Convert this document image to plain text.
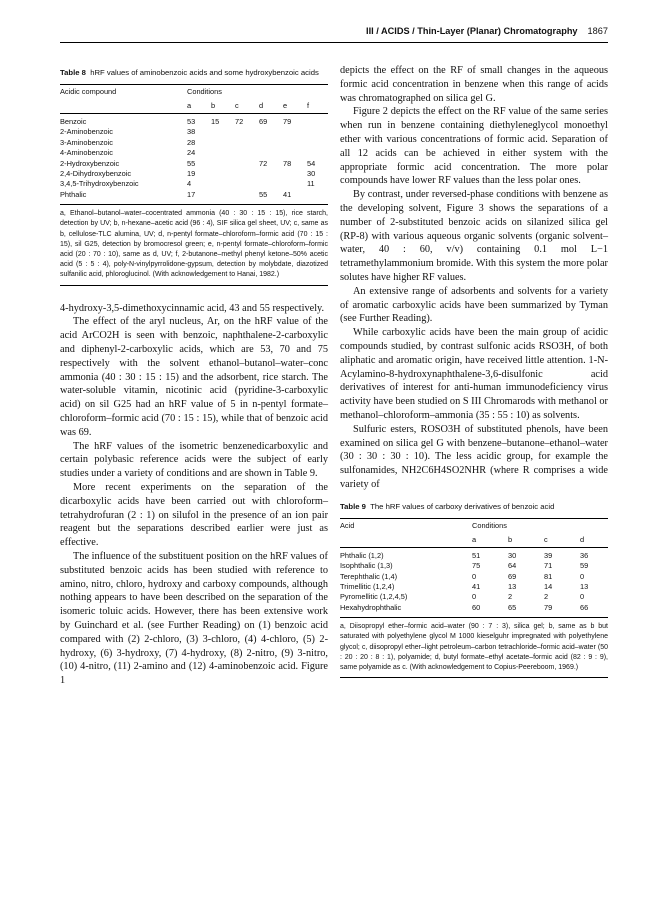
III / ACIDS / Thin-Layer (Planar) Chromatography 1867
Table 8 hRF values of aminobenzoic acids and some hydroxybenzoic acids
Acidic compound	Conditions					
	a	b	c	d	e	f

Benzoic	53	15	72	69	79	
2-Aminobenzoic	38					
3-Aminobenzoic	28					
4-Aminobenzoic	24					
2-Hydroxybenzoic	55			72	78	54
2,4-Dihydroxybenzoic	19					30
3,4,5-Trihydroxybenzoic	4					11
Phthalic	17			55	41	
a, Ethanol–butanol–water–cocentrated ammonia (40 : 30 : 15 : 15), rice starch, detection by UV; b, n-hexane–acetic acid (96 : 4), SIF silica gel sheet, UV; c, same as b, cellulose-TLC alumina, UV; d, n-pentyl formate–chloroform–formic acid (70 : 15 : 15), sil G25, detection by bromocresol green; e, n-pentyl formate–chloroform–formic acid (20 : 70 : 10), same as d, UV; f, 2-butanone–methyl phenyl ketone–50% acetic acid (5 : 5 : 4), poly-N-vinylpyrrolidone-gypsum, detection by molybdate, diazotized sulfanilic acid, phloroglucinol. (With acknowledgement to Hanai, 1982.)

4-hydroxy-3,5-dimethoxycinnamic acid, 43 and 55 respectively.

The effect of the aryl nucleus, Ar, on the hRF value of the acid ArCO2H is seen with benzoic, naphthalene-2-carboxylic and diphenyl-2-carboxylic acids, which are 53, 70 and 75 respectively with the solvent ethanol–butanol–water–conc ammonia (40 : 30 : 15 : 15) and the adsorbent, rice starch. The water-soluble vitamin, nicotinic acid (pyridine-3-carboxylic acid) on sil G25 had an hRF value of 5 in n-pentyl formate–chloroform–formic acid (70 : 15 : 15), while that of benzoic acid was 69.

The hRF values of the isometric benzenedicarboxylic and certain polybasic reference acids were the subject of early studies under a variety of conditions and are shown in Table 9.

More recent experiments on the separation of the dicarboxylic acids have been carried out with chloroform–tetrahydrofuran (2 : 1) on silufol in the presence of an ion pair reagent but the separations described earlier were just as effective.

The influence of the substituent position on the hRF values of substituted benzoic acids has been studied with reference to amino, nitro, chloro, hydroxy and carboxy compounds, although nothing appears to have been described on the separation of the isomeric toluic acids. However, there has been extensive work by Guinchard et al. (see Further Reading) on (1) benzoic acid compared with (2) 2-chloro, (3) 3-chloro, (4) 4-chloro, (5) 2-hydroxy, (6) 3-hydroxy, (7) 4-hydroxy, (8) 2-nitro, (9) 3-nitro, (10) 4-nitro, (11) 2-amino and (12) 4-aminobenzoic acid. Figure 1

depicts the effect on the RF of small changes in the aqueous formic acid concentration in benzene when this range of acids was chromatographed on silica gel G.

Figure 2 depicts the effect on the RF value of the same series when run in benzene containing diethyleneglycol monoethyl ether with various concentrations of formic acid. Separation of all 12 acids can be achieved in either system with the appropriate formic acid concentration. The more polar compounds have lower RF values than the less polar ones.

By contrast, under reversed-phase conditions with benzene as the developing solvent, Figure 3 shows the separations of a number of 2-substituted benzoic acids on silanized silica gel (RP-8) with various aqueous organic solvents (organic solvent–water, 40 : 60, v/v) containing 0.1 mol L−1 tetramethylammonium bromide. With this system the more polar solutes have higher RF values.

An extensive range of adsorbents and solvents for a variety of aromatic carboxylic acids have been summarized by Tyman (see Further Reading).

While carboxylic acids have been the main group of acidic compounds studied, by contrast sulfonic acids RSO3H, of both aliphatic and aromatic origin, have received little attention. 1-N-Acylamino-8-hydroxynaphthalene-3,6-disulfonic acid derivatives of interest for anti-human immunodeficiency virus activity have been studied on S III Chromarods with methanol or methanol–chloroform–ammonia (35 : 55 : 10) as solvents.

Sulfuric esters, ROSO3H of substituted phenols, have been examined on silica gel G with benzene–butanone–ethanol–water (30 : 30 : 30 : 10). The less acidic group, for example the sulfonamides, NH2C6H4SO2NHR (where R comprises a wide variety of

Table 9 The hRF values of carboxy derivatives of benzoic acid
Acid	Conditions			
	a	b	c	d

Phthalic (1,2)	51	30	39	36
Isophthalic (1,3)	75	64	71	59
Terephthalic (1,4)	0	69	81	0
Trimellitic (1,2,4)	41	13	14	13
Pyromellitic (1,2,4,5)	0	2	2	0
Hexahydrophthalic	60	65	79	66
a, Diisopropyl ether–formic acid–water (90 : 7 : 3), silica gel; b, same as b but saturated with polyethylene glycol M 1000 kieselguhr impregnated with polyethylene glycol; c, diisopropyl ether–light petroleum–carbon tetrachloride–formic acid–water (50 : 20 : 20 : 8 : 1), polyamide; d, butyl formate–ethyl acetate–formic acid (82 : 9 : 9), same polyamide as c. (With acknowledgement to Copius-Peereboom, 1969.)
